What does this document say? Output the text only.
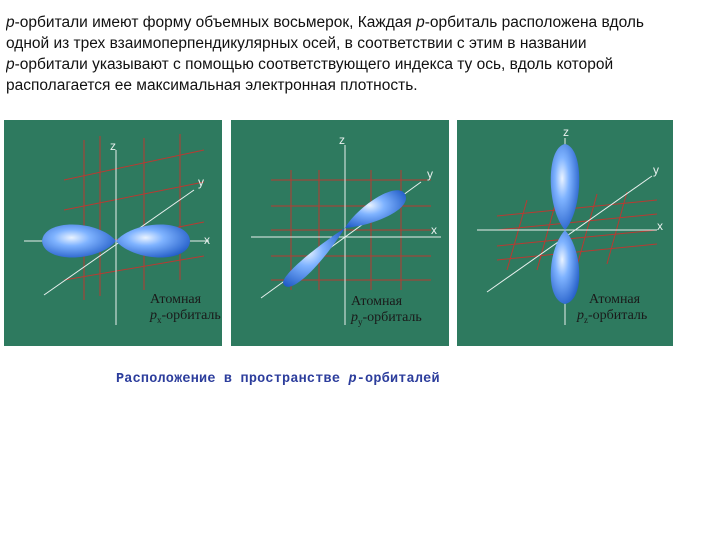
p-орбитали имеют форму объемных восьмерок, Каждая p-орбиталь расположена вдоль
одной из трех взаимоперпендикулярных осей, в соответствии с этим в названии
p-орбитали указывают с помощью соответствующего индекса ту ось, вдоль которой
располагается ее максимальная электронная плотность.
z
y
x
Атомная
$p_x$-орбиталь
z
y
x
Атомная
$p_y$-орбиталь
z
y
x
Атомная
$p_z$-орбиталь
Расположение в пространстве p-орбиталей
